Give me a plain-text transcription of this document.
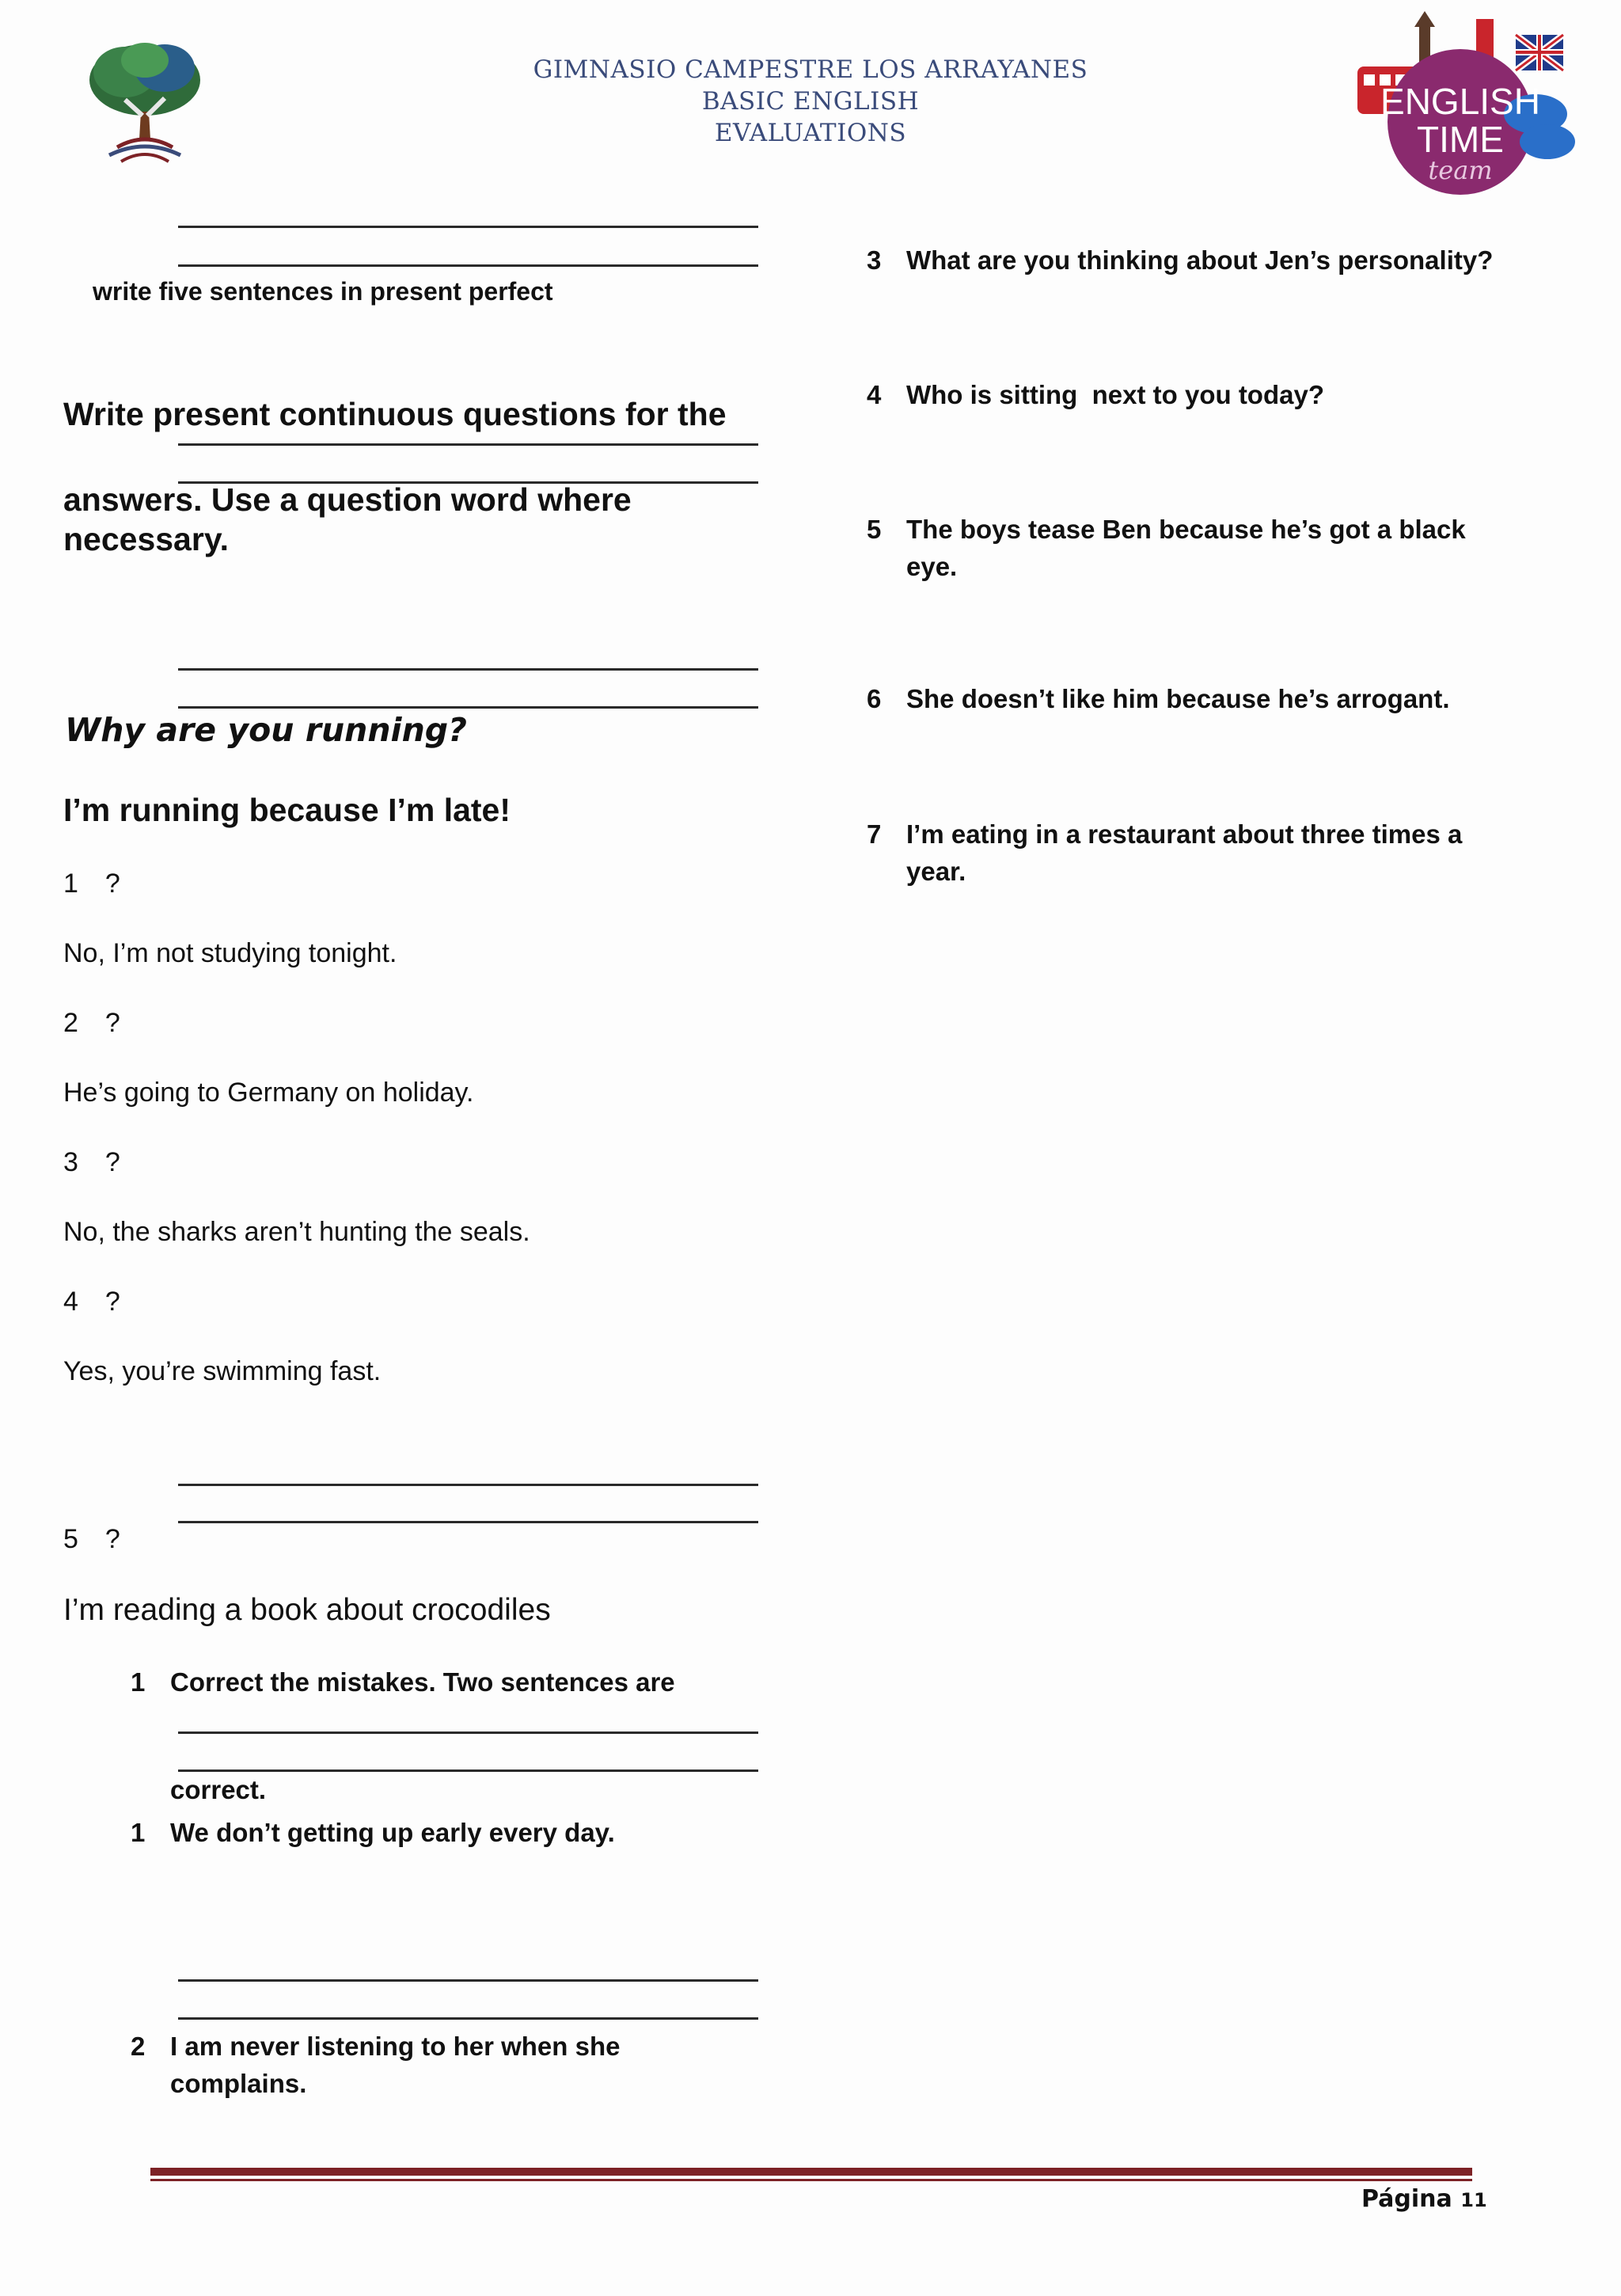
GIMNASIO CAMPESTRE LOS ARRAYANES
BASIC ENGLISH
EVALUATIONS
ENGLISH
TIME
team
write five sentences in present perfect
Write present continuous questions for the
answers. Use a question word where
necessary.
Why are you running?
I’m running because I’m late!
1 ?
No, I’m not studying tonight.
2 ?
He’s going to Germany on holiday.
3 ?
No, the sharks aren’t hunting the seals.
4 ?
Yes, you’re swimming fast.
5 ?
I’m reading a book about crocodiles
1 Correct the mistakes. Two sentences are
correct.
1 We don’t getting up early every day.
2 I am never listening to her when she
complains.
3 What are you thinking about Jen’s personality?
4 Who is sitting  next to you today?
5 The boys tease Ben because he’s got a black
eye.
6 She doesn’t like him because he’s arrogant.
7 I’m eating in a restaurant about three times a
year.
Página 11
